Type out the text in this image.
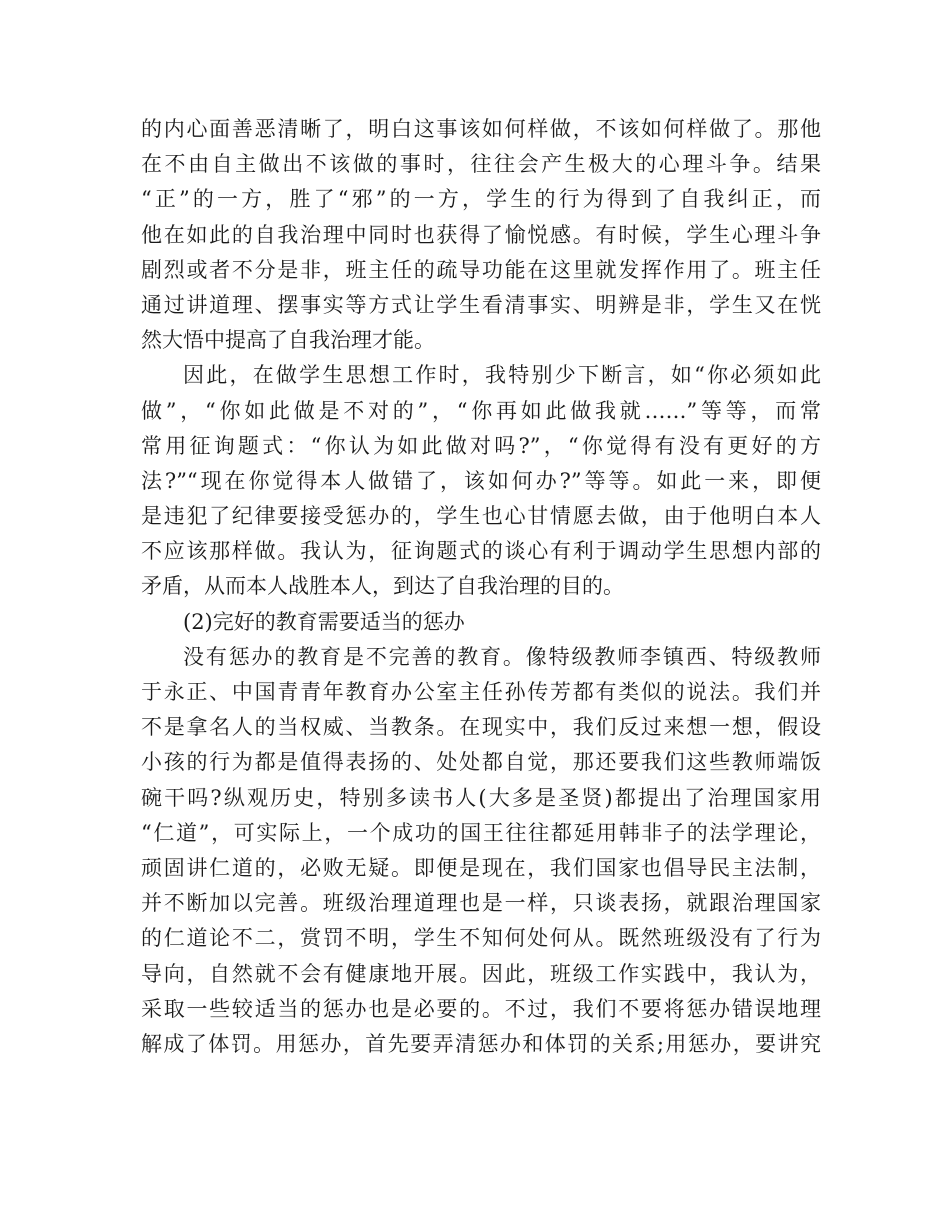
的内心面善恶清晰了，明白这事该如何样做，不该如何样做了。那他
在不由自主做出不该做的事时，往往会产生极大的心理斗争。结果
“正”的一方，胜了“邪”的一方，学生的行为得到了自我纠正，而
他在如此的自我治理中同时也获得了愉悦感。有时候，学生心理斗争
剧烈或者不分是非，班主任的疏导功能在这里就发挥作用了。班主任
通过讲道理、摆事实等方式让学生看清事实、明辨是非，学生又在恍
然大悟中提高了自我治理才能。
因此，在做学生思想工作时，我特别少下断言，如“你必须如此
做”，“你如此做是不对的”，“你再如此做我就……”等等，而常
常用征询题式：“你认为如此做对吗?”，“你觉得有没有更好的方
法?”“现在你觉得本人做错了，该如何办?”等等。如此一来，即便
是违犯了纪律要接受惩办的，学生也心甘情愿去做，由于他明白本人
不应该那样做。我认为，征询题式的谈心有利于调动学生思想内部的
矛盾，从而本人战胜本人，到达了自我治理的目的。
(2)完好的教育需要适当的惩办
没有惩办的教育是不完善的教育。像特级教师李镇西、特级教师
于永正、中国青青年教育办公室主任孙传芳都有类似的说法。我们并
不是拿名人的当权威、当教条。在现实中，我们反过来想一想，假设
小孩的行为都是值得表扬的、处处都自觉，那还要我们这些教师端饭
碗干吗?纵观历史，特别多读书人(大多是圣贤)都提出了治理国家用
“仁道”，可实际上，一个成功的国王往往都延用韩非子的法学理论，
顽固讲仁道的，必败无疑。即便是现在，我们国家也倡导民主法制，
并不断加以完善。班级治理道理也是一样，只谈表扬，就跟治理国家
的仁道论不二，赏罚不明，学生不知何处何从。既然班级没有了行为
导向，自然就不会有健康地开展。因此，班级工作实践中，我认为，
采取一些较适当的惩办也是必要的。不过，我们不要将惩办错误地理
解成了体罚。用惩办，首先要弄清惩办和体罚的关系;用惩办，要讲究
